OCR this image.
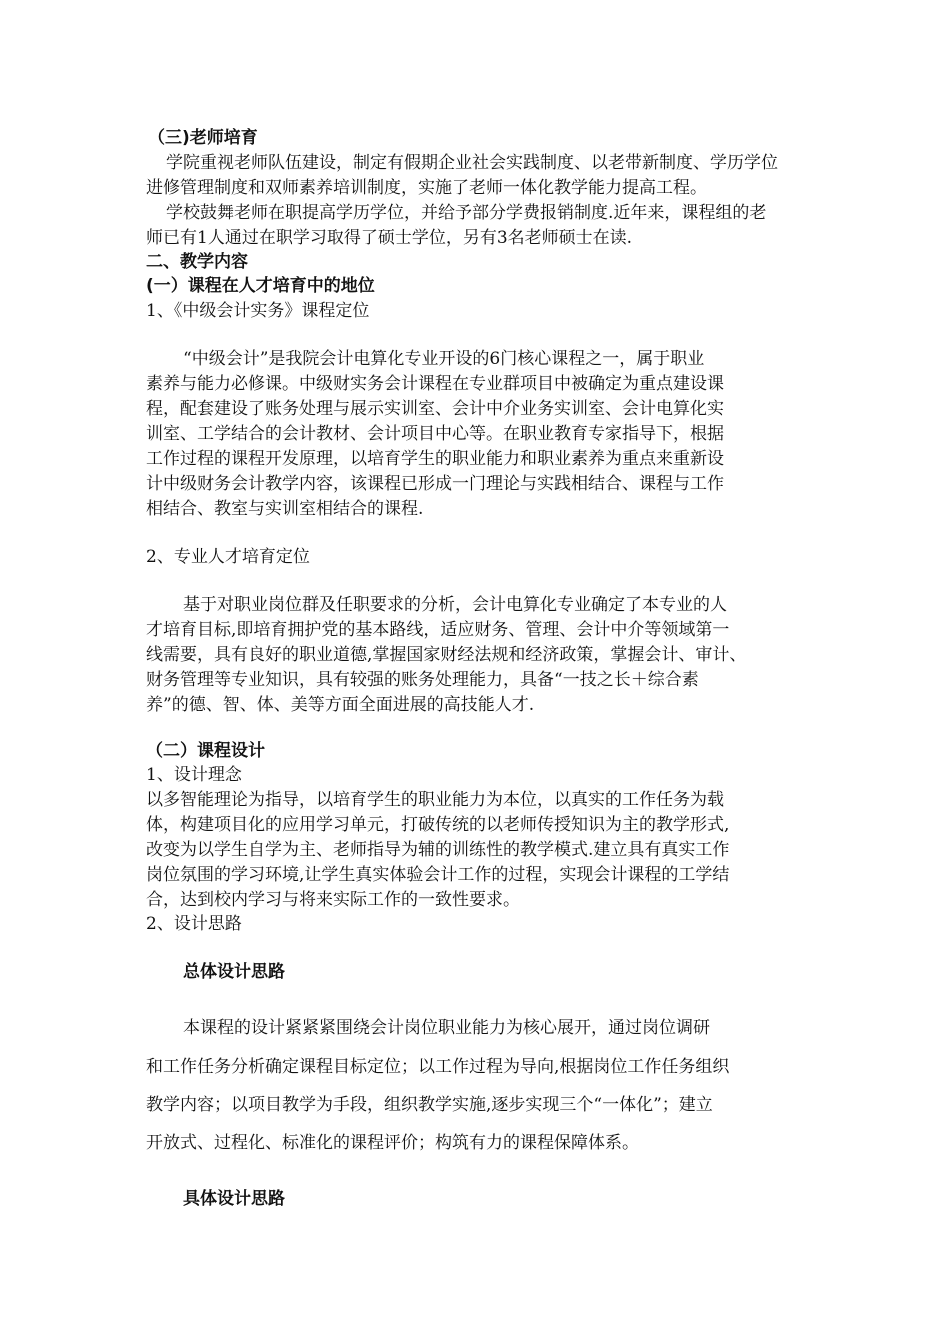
（三)老师培育
学院重视老师队伍建设，制定有假期企业社会实践制度、以老带新制度、学历学位
进修管理制度和双师素养培训制度，实施了老师一体化教学能力提高工程。
学校鼓舞老师在职提高学历学位，并给予部分学费报销制度.近年来，课程组的老
师已有1人通过在职学习取得了硕士学位，另有3名老师硕士在读.
二、教学内容
(一）课程在人才培育中的地位
1、《中级会计实务》课程定位
“中级会计”是我院会计电算化专业开设的6门核心课程之一，属于职业
素养与能力必修课。中级财实务会计课程在专业群项目中被确定为重点建设课
程，配套建设了账务处理与展示实训室、会计中介业务实训室、会计电算化实
训室、工学结合的会计教材、会计项目中心等。在职业教育专家指导下，根据
工作过程的课程开发原理，以培育学生的职业能力和职业素养为重点来重新设
计中级财务会计教学内容，该课程已形成一门理论与实践相结合、课程与工作
相结合、教室与实训室相结合的课程.
2、专业人才培育定位
基于对职业岗位群及任职要求的分析，会计电算化专业确定了本专业的人
才培育目标,即培育拥护党的基本路线，适应财务、管理、会计中介等领域第一
线需要，具有良好的职业道德,掌握国家财经法规和经济政策，掌握会计、审计、
财务管理等专业知识，具有较强的账务处理能力，具备“一技之长＋综合素
养”的德、智、体、美等方面全面进展的高技能人才.
（二）课程设计
1、设计理念
以多智能理论为指导，以培育学生的职业能力为本位，以真实的工作任务为载
体，构建项目化的应用学习单元，打破传统的以老师传授知识为主的教学形式,
改变为以学生自学为主、老师指导为辅的训练性的教学模式.建立具有真实工作
岗位氛围的学习环境,让学生真实体验会计工作的过程，实现会计课程的工学结
合，达到校内学习与将来实际工作的一致性要求。
2、设计思路
总体设计思路
本课程的设计紧紧紧围绕会计岗位职业能力为核心展开，通过岗位调研
和工作任务分析确定课程目标定位；以工作过程为导向,根据岗位工作任务组织
教学内容；以项目教学为手段，组织教学实施,逐步实现三个“一体化”；建立
开放式、过程化、标准化的课程评价；构筑有力的课程保障体系。
具体设计思路
